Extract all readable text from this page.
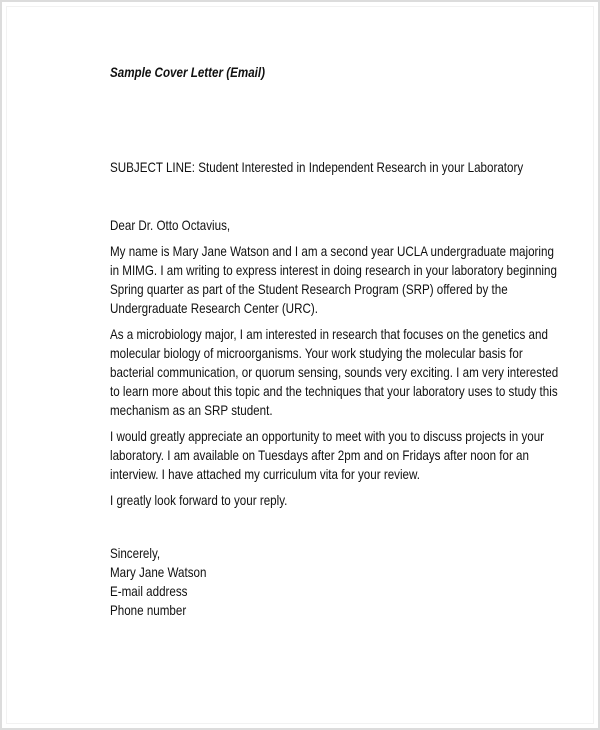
Sample Cover Letter (Email)
SUBJECT LINE: Student Interested in Independent Research in your Laboratory
Dear Dr. Otto Octavius,
My name is Mary Jane Watson and I am a second year UCLA undergraduate majoring
in MIMG. I am writing to express interest in doing research in your laboratory beginning
Spring quarter as part of the Student Research Program (SRP) offered by the
Undergraduate Research Center (URC).
As a microbiology major, I am interested in research that focuses on the genetics and
molecular biology of microorganisms. Your work studying the molecular basis for
bacterial communication, or quorum sensing, sounds very exciting. I am very interested
to learn more about this topic and the techniques that your laboratory uses to study this
mechanism as an SRP student.
I would greatly appreciate an opportunity to meet with you to discuss projects in your
laboratory. I am available on Tuesdays after 2pm and on Fridays after noon for an
interview. I have attached my curriculum vita for your review.
I greatly look forward to your reply.
Sincerely,
Mary Jane Watson
E-mail address
Phone number
